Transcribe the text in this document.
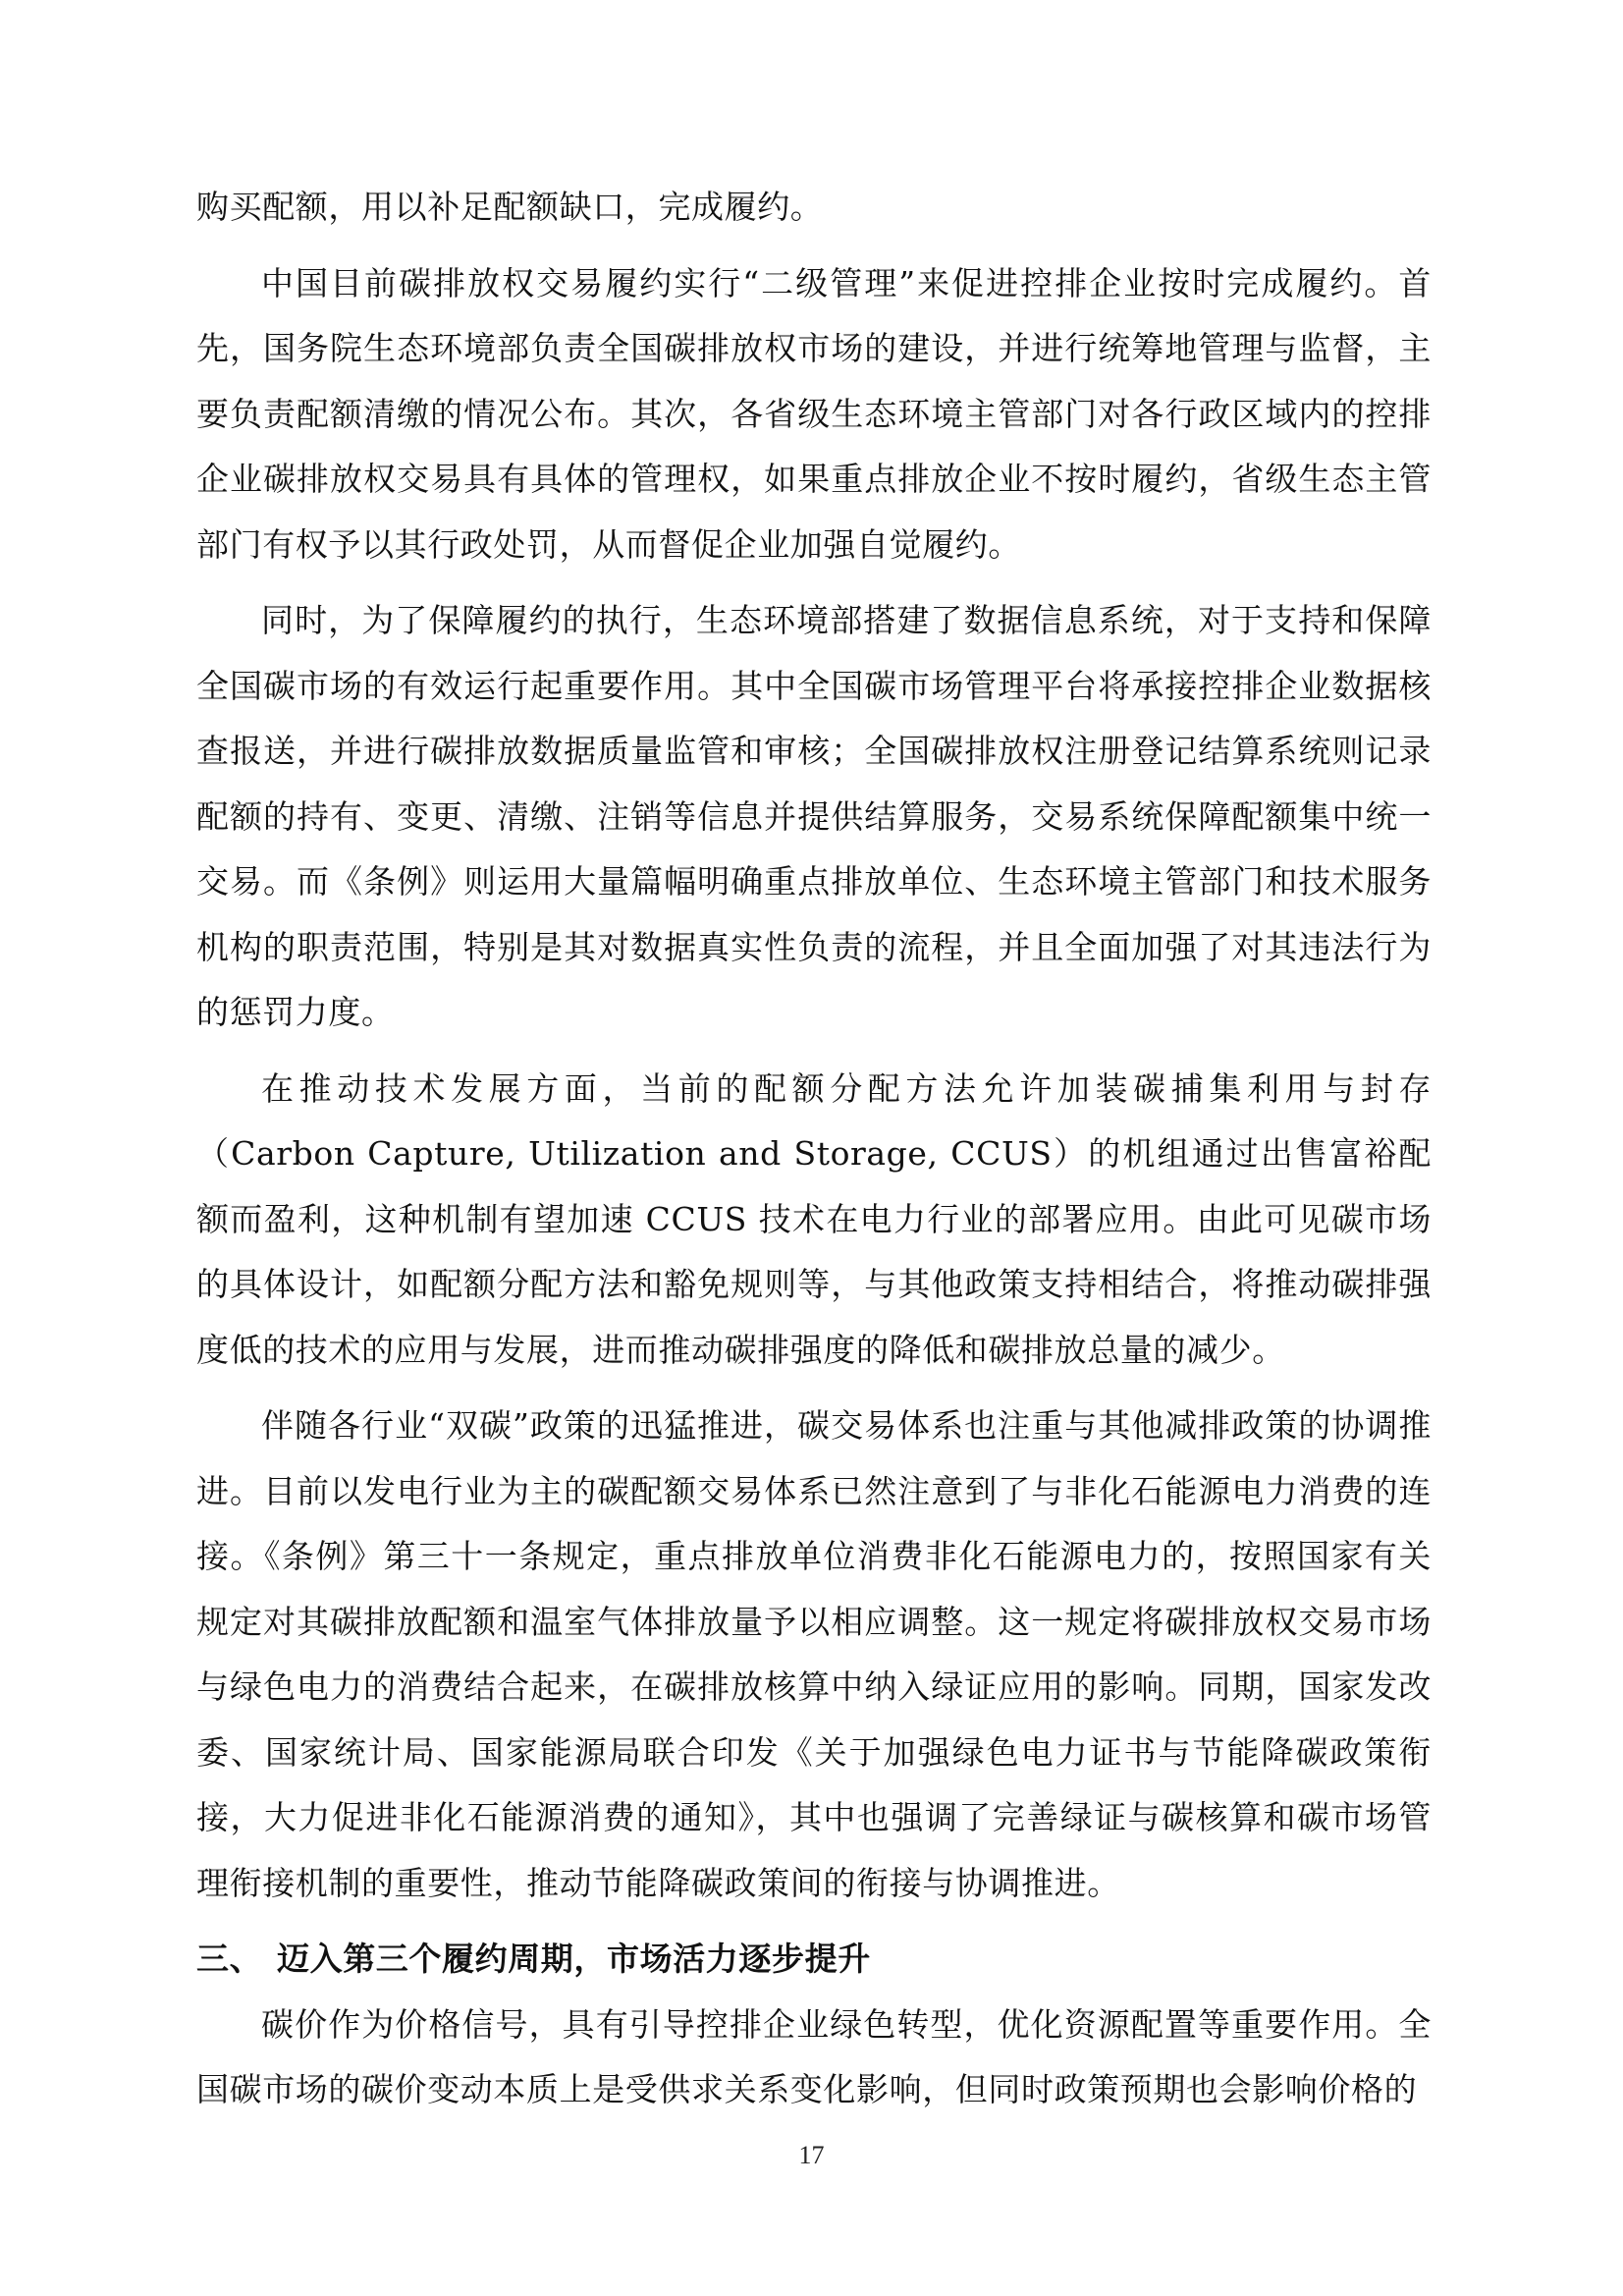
购买配额，用以补足配额缺口，完成履约。

中国目前碳排放权交易履约实行“二级管理”来促进控排企业按时完成履约。首先，国务院生态环境部负责全国碳排放权市场的建设，并进行统筹地管理与监督，主要负责配额清缴的情况公布。其次，各省级生态环境主管部门对各行政区域内的控排企业碳排放权交易具有具体的管理权，如果重点排放企业不按时履约，省级生态主管部门有权予以其行政处罚，从而督促企业加强自觉履约。

同时，为了保障履约的执行，生态环境部搭建了数据信息系统，对于支持和保障全国碳市场的有效运行起重要作用。其中全国碳市场管理平台将承接控排企业数据核查报送，并进行碳排放数据质量监管和审核；全国碳排放权注册登记结算系统则记录配额的持有、变更、清缴、注销等信息并提供结算服务，交易系统保障配额集中统一交易。而《条例》则运用大量篇幅明确重点排放单位、生态环境主管部门和技术服务机构的职责范围，特别是其对数据真实性负责的流程，并且全面加强了对其违法行为的惩罚力度。

在推动技术发展方面，当前的配额分配方法允许加装碳捕集利用与封存（Carbon Capture, Utilization and Storage, CCUS）的机组通过出售富裕配额而盈利，这种机制有望加速 CCUS 技术在电力行业的部署应用。由此可见碳市场的具体设计，如配额分配方法和豁免规则等，与其他政策支持相结合，将推动碳排强度低的技术的应用与发展，进而推动碳排强度的降低和碳排放总量的减少。

伴随各行业“双碳”政策的迅猛推进，碳交易体系也注重与其他减排政策的协调推进。目前以发电行业为主的碳配额交易体系已然注意到了与非化石能源电力消费的连接。《条例》第三十一条规定，重点排放单位消费非化石能源电力的，按照国家有关规定对其碳排放配额和温室气体排放量予以相应调整。这一规定将碳排放权交易市场与绿色电力的消费结合起来，在碳排放核算中纳入绿证应用的影响。同期，国家发改委、国家统计局、国家能源局联合印发《关于加强绿色电力证书与节能降碳政策衔接，大力促进非化石能源消费的通知》，其中也强调了完善绿证与碳核算和碳市场管理衔接机制的重要性，推动节能降碳政策间的衔接与协调推进。

三、 迈入第三个履约周期，市场活力逐步提升

碳价作为价格信号，具有引导控排企业绿色转型，优化资源配置等重要作用。全国碳市场的碳价变动本质上是受供求关系变化影响，但同时政策预期也会影响价格的

17
